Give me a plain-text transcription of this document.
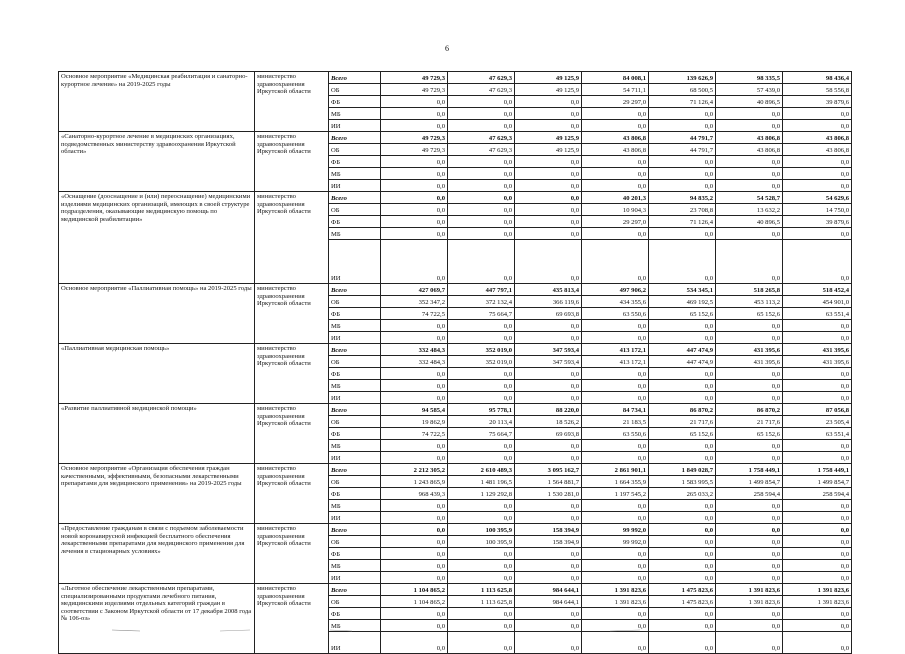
6
Основное мероприятие «Медицинская реабилитация и санаторно-курортное лечение» на 2019-2025 годы	министерство здравоохранения Иркутской области	Всего	49 729,3	47 629,3	49 125,9	84 008,1	139 626,9	98 335,5	98 436,4
		ОБ	49 729,3	47 629,3	49 125,9	54 711,1	68 500,5	57 439,0	58 556,8
		ФБ	0,0	0,0	0,0	29 297,0	71 126,4	40 896,5	39 879,6
		МБ	0,0	0,0	0,0	0,0	0,0	0,0	0,0
		ИИ	0,0	0,0	0,0	0,0	0,0	0,0	0,0
«Санаторно-курортное лечение в медицинских организациях, подведомственных министерству здравоохранения Иркутской области»	министерство здравоохранения Иркутской области	Всего	49 729,3	47 629,3	49 125,9	43 806,8	44 791,7	43 806,8	43 806,8
		ОБ	49 729,3	47 629,3	49 125,9	43 806,8	44 791,7	43 806,8	43 806,8
		ФБ	0,0	0,0	0,0	0,0	0,0	0,0	0,0
		МБ	0,0	0,0	0,0	0,0	0,0	0,0	0,0
		ИИ	0,0	0,0	0,0	0,0	0,0	0,0	0,0
«Оснащение (дооснащение и (или) переоснащение) медицинскими изделиями медицинских организаций, имеющих в своей структуре подразделения, оказывающие медицинскую помощь по медицинской реабилитации»	министерство здравоохранения Иркутской области	Всего	0,0	0,0	0,0	40 201,3	94 835,2	54 528,7	54 629,6
		ОБ	0,0	0,0	0,0	10 904,3	23 708,8	13 632,2	14 750,0
		ФБ	0,0	0,0	0,0	29 297,0	71 126,4	40 896,5	39 879,6
		МБ	0,0	0,0	0,0	0,0	0,0	0,0	0,0
		ИИ	0,0	0,0	0,0	0,0	0,0	0,0	0,0
Основное мероприятие «Паллиативная помощь» на 2019-2025 годы	министерство здравоохранения Иркутской области	Всего	427 069,7	447 797,1	435 813,4	497 906,2	534 345,1	518 265,8	518 452,4
		ОБ	352 347,2	372 132,4	366 119,6	434 355,6	469 192,5	453 113,2	454 901,0
		ФБ	74 722,5	75 664,7	69 693,8	63 550,6	65 152,6	65 152,6	63 551,4
		МБ	0,0	0,0	0,0	0,0	0,0	0,0	0,0
		ИИ	0,0	0,0	0,0	0,0	0,0	0,0	0,0
«Паллиативная медицинская помощь»	министерство здравоохранения Иркутской области	Всего	332 484,3	352 019,0	347 593,4	413 172,1	447 474,9	431 395,6	431 395,6
		ОБ	332 484,3	352 019,0	347 593,4	413 172,1	447 474,9	431 395,6	431 395,6
		ФБ	0,0	0,0	0,0	0,0	0,0	0,0	0,0
		МБ	0,0	0,0	0,0	0,0	0,0	0,0	0,0
		ИИ	0,0	0,0	0,0	0,0	0,0	0,0	0,0
«Развитие паллиативной медицинской помощи»	министерство здравоохранения Иркутской области	Всего	94 585,4	95 778,1	88 220,0	84 734,1	86 870,2	86 870,2	87 056,8
		ОБ	19 862,9	20 113,4	18 526,2	21 183,5	21 717,6	21 717,6	23 505,4
		ФБ	74 722,5	75 664,7	69 693,8	63 550,6	65 152,6	65 152,6	63 551,4
		МБ	0,0	0,0	0,0	0,0	0,0	0,0	0,0
		ИИ	0,0	0,0	0,0	0,0	0,0	0,0	0,0
Основное мероприятие «Организация обеспечения граждан качественными, эффективными, безопасными лекарственными препаратами для медицинского применения» на 2019-2025 годы	министерство здравоохранения Иркутской области	Всего	2 212 305,2	2 610 489,3	3 095 162,7	2 861 901,1	1 849 028,7	1 758 449,1	1 758 449,1
		ОБ	1 243 865,9	1 481 196,5	1 564 881,7	1 664 355,9	1 583 995,5	1 499 854,7	1 499 854,7
		ФБ	968 439,3	1 129 292,8	1 530 281,0	1 197 545,2	265 033,2	258 594,4	258 594,4
		МБ	0,0	0,0	0,0	0,0	0,0	0,0	0,0
		ИИ	0,0	0,0	0,0	0,0	0,0	0,0	0,0
«Предоставление гражданам в связи с подъемом заболеваемости новой коронавирусной инфекцией бесплатного обеспечения лекарственными препаратами для медицинского применения для лечения в стационарных условиях»	министерство здравоохранения Иркутской области	Всего	0,0	100 395,9	158 394,9	99 992,0	0,0	0,0	0,0
		ОБ	0,0	100 395,9	158 394,9	99 992,0	0,0	0,0	0,0
		ФБ	0,0	0,0	0,0	0,0	0,0	0,0	0,0
		МБ	0,0	0,0	0,0	0,0	0,0	0,0	0,0
		ИИ	0,0	0,0	0,0	0,0	0,0	0,0	0,0
«Льготное обеспечение лекарственными препаратами, специализированными продуктами лечебного питания, медицинскими изделиями отдельных категорий граждан в соответствии с Законом Иркутской области от 17 декабря 2008 года № 106-оз»	министерство здравоохранения Иркутской области	Всего	1 104 865,2	1 113 625,8	984 644,1	1 391 823,6	1 475 823,6	1 391 823,6	1 391 823,6
		ОБ	1 104 865,2	1 113 625,8	984 644,1	1 391 823,6	1 475 823,6	1 391 823,6	1 391 823,6
		ФБ	0,0	0,0	0,0	0,0	0,0	0,0	0,0
		МБ	0,0	0,0	0,0	0,0	0,0	0,0	0,0
		ИИ	0,0	0,0	0,0	0,0	0,0	0,0	0,0
